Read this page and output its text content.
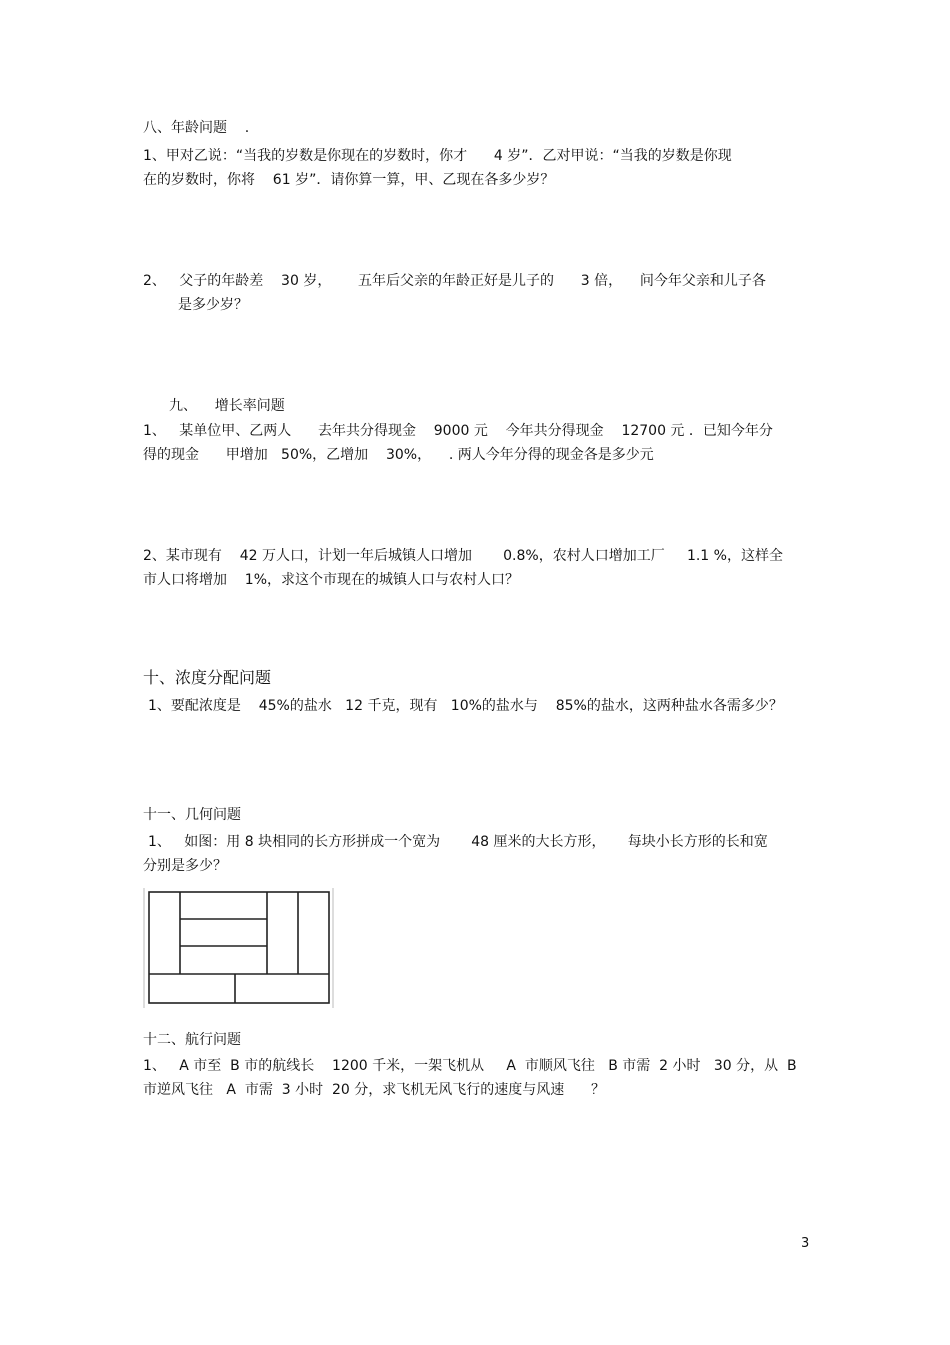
八、年龄问题    .
1、甲对乙说：“当我的岁数是你现在的岁数时，你才      4 岁”．乙对甲说：“当我的岁数是你现
在的岁数时，你将    61 岁”．请你算一算，甲、乙现在各多少岁？
2、   父子的年龄差    30 岁，      五年后父亲的年龄正好是儿子的      3 倍，    问今年父亲和儿子各
是多少岁？
九、    增长率问题
1、   某单位甲、乙两人      去年共分得现金    9000 元    今年共分得现金    12700 元 ．已知今年分
得的现金      甲增加   50%，乙增加    30%，    . 两人今年分得的现金各是多少元
2、某市现有    42 万人口，计划一年后城镇人口增加       0.8%，农村人口增加工厂     1.1 %，这样全
市人口将增加    1%，求这个市现在的城镇人口与农村人口？
十、浓度分配问题
1、要配浓度是    45%的盐水   12 千克，现有   10%的盐水与    85%的盐水，这两种盐水各需多少？
十一、几何问题
1、   如图：用 8 块相同的长方形拼成一个宽为       48 厘米的大长方形，     每块小长方形的长和宽
分别是多少？
十二、航行问题
1、   A 市至  B 市的航线长    1200 千米，一架飞机从     A  市顺风飞往   B 市需  2 小时   30 分，从  B
市逆风飞往   A  市需  3 小时  20 分，求飞机无风飞行的速度与风速      ？
3
